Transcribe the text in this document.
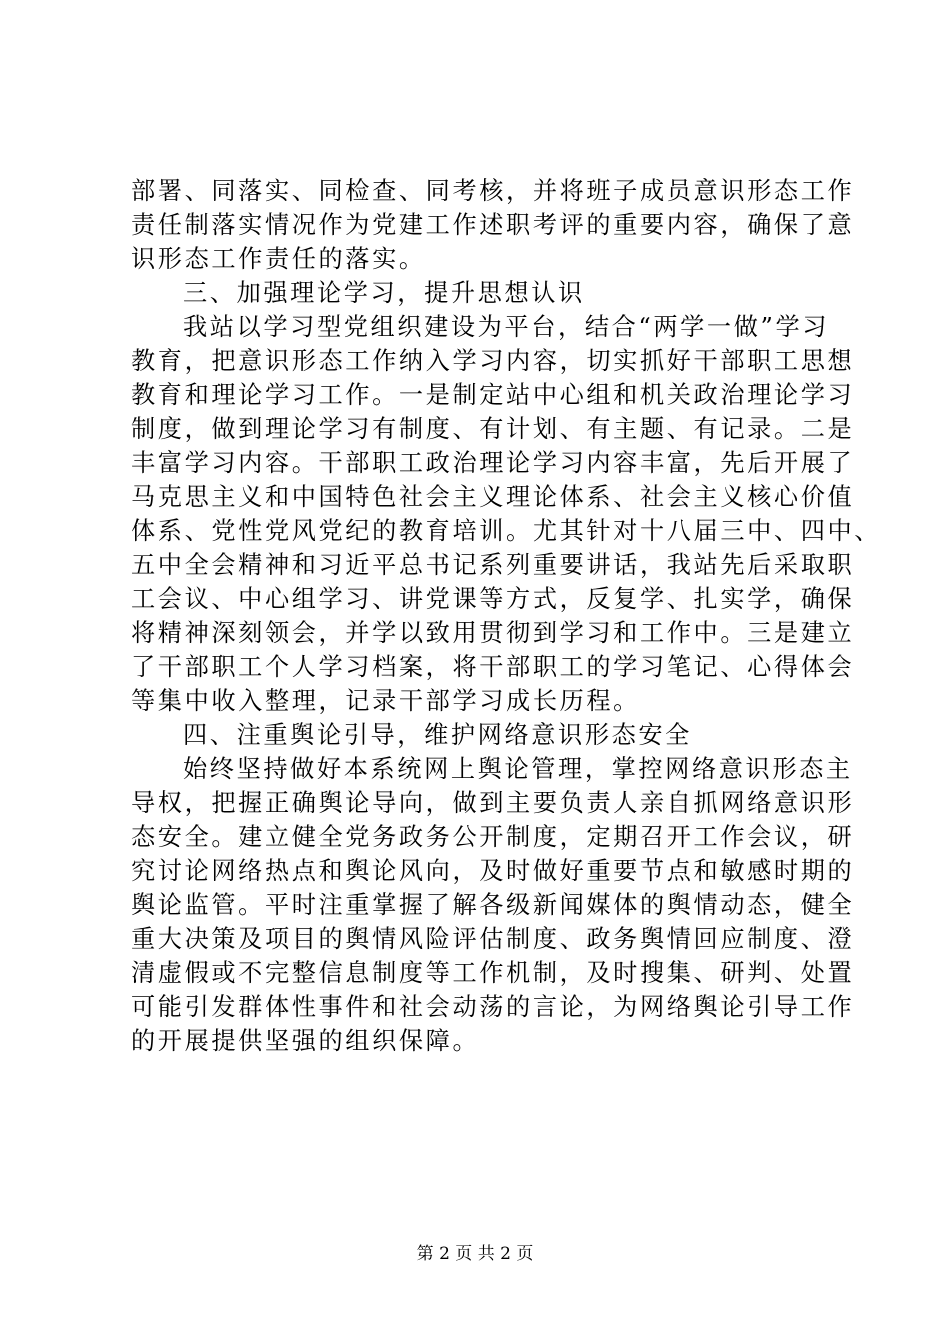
部署、同落实、同检查、同考核，并将班子成员意识形态工作
责任制落实情况作为党建工作述职考评的重要内容，确保了意
识形态工作责任的落实。
三、加强理论学习，提升思想认识
我站以学习型党组织建设为平台，结合“两学一做”学习
教育，把意识形态工作纳入学习内容，切实抓好干部职工思想
教育和理论学习工作。一是制定站中心组和机关政治理论学习
制度，做到理论学习有制度、有计划、有主题、有记录。二是
丰富学习内容。干部职工政治理论学习内容丰富，先后开展了
马克思主义和中国特色社会主义理论体系、社会主义核心价值
体系、党性党风党纪的教育培训。尤其针对十八届三中、四中、
五中全会精神和习近平总书记系列重要讲话，我站先后采取职
工会议、中心组学习、讲党课等方式，反复学、扎实学，确保
将精神深刻领会，并学以致用贯彻到学习和工作中。三是建立
了干部职工个人学习档案，将干部职工的学习笔记、心得体会
等集中收入整理，记录干部学习成长历程。
四、注重舆论引导，维护网络意识形态安全
始终坚持做好本系统网上舆论管理，掌控网络意识形态主
导权，把握正确舆论导向，做到主要负责人亲自抓网络意识形
态安全。建立健全党务政务公开制度，定期召开工作会议，研
究讨论网络热点和舆论风向，及时做好重要节点和敏感时期的
舆论监管。平时注重掌握了解各级新闻媒体的舆情动态，健全
重大决策及项目的舆情风险评估制度、政务舆情回应制度、澄
清虚假或不完整信息制度等工作机制，及时搜集、研判、处置
可能引发群体性事件和社会动荡的言论，为网络舆论引导工作
的开展提供坚强的组织保障。
第 2 页 共 2 页
